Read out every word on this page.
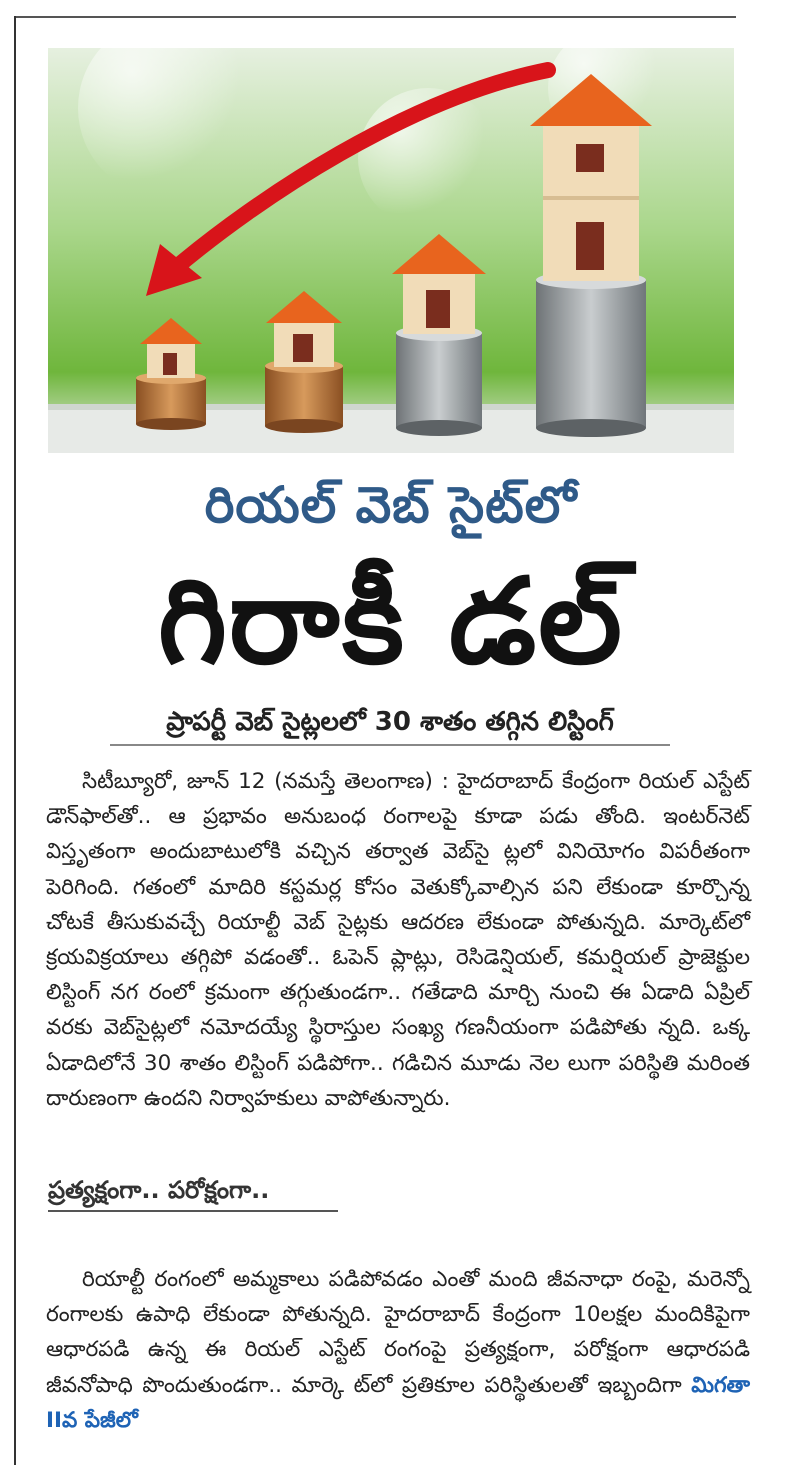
రియల్ వెబ్ సైట్‌లో
గిరాకీ డల్
ప్రాపర్టీ వెబ్ సైట్లలలో 30 శాతం తగ్గిన లిస్టింగ్

సిటీబ్యూరో, జూన్ 12 (నమస్తే తెలంగాణ) : హైదరాబాద్ కేంద్రంగా రియల్ ఎస్టేట్ డౌన్‌ఫాల్‌తో.. ఆ ప్రభావం అనుబంధ రంగాలపై కూడా పడు తోంది. ఇంటర్‌నెట్ విస్తృతంగా అందుబాటులోకి వచ్చిన తర్వాత వెబ్‌సై ట్లలో వినియోగం విపరీతంగా పెరిగింది. గతంలో మాదిరి కస్టమర్ల కోసం వెతుక్కోవాల్సిన పని లేకుండా కూర్చొన్న చోటకే తీసుకువచ్చే రియాల్టీ వెబ్ సైట్లకు ఆదరణ లేకుండా పోతున్నది. మార్కెట్‌లో క్రయవిక్రయాలు తగ్గిపో వడంతో.. ఓపెన్ ప్లాట్లు, రెసిడెన్షియల్, కమర్షియల్ ప్రాజెక్టుల లిస్టింగ్ నగ రంలో క్రమంగా తగ్గుతుండగా.. గతేడాది మార్చి నుంచి ఈ ఏడాది ఏప్రిల్ వరకు వెబ్‌సైట్లలో నమోదయ్యే స్థిరాస్తుల సంఖ్య గణనీయంగా పడిపోతు న్నది. ఒక్క ఏడాదిలోనే 30 శాతం లిస్టింగ్ పడిపోగా.. గడిచిన మూడు నెల లుగా పరిస్థితి మరింత దారుణంగా ఉందని నిర్వాహకులు వాపోతున్నారు.

ప్రత్యక్షంగా.. పరోక్షంగా..

రియాల్టీ రంగంలో అమ్మకాలు పడిపోవడం ఎంతో మంది జీవనాధా రంపై, మరెన్నో రంగాలకు ఉపాధి లేకుండా పోతున్నది. హైదరాబాద్ కేంద్రంగా 10లక్షల మందికిపైగా ఆధారపడి ఉన్న ఈ రియల్ ఎస్టేట్ రంగంపై ప్రత్యక్షంగా, పరోక్షంగా ఆధారపడి జీవనోపాధి పొందుతుండగా.. మార్కె ట్‌లో ప్రతికూల పరిస్థితులతో ఇబ్బందిగా మిగతా IIవ పేజీలో
